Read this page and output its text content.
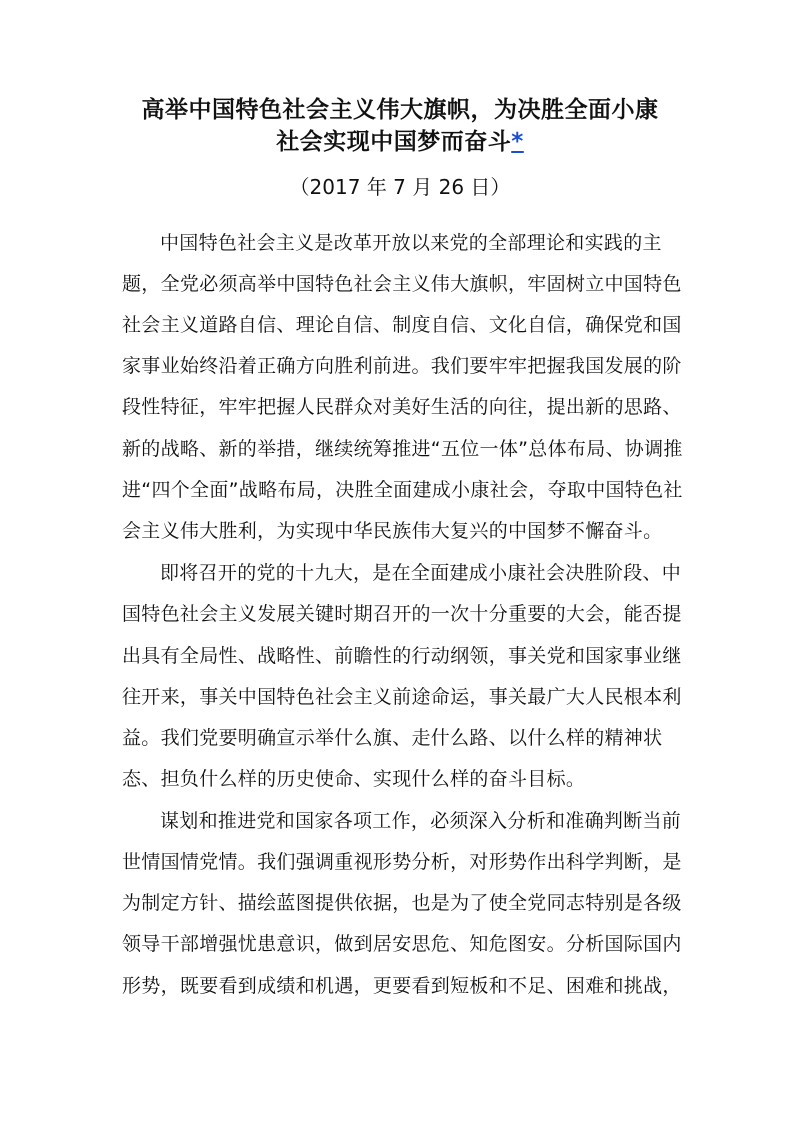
高举中国特色社会主义伟大旗帜，为决胜全面小康
社会实现中国梦而奋斗*
（2017 年 7 月 26 日）
中国特色社会主义是改革开放以来党的全部理论和实践的主
题，全党必须高举中国特色社会主义伟大旗帜，牢固树立中国特色
社会主义道路自信、理论自信、制度自信、文化自信，确保党和国
家事业始终沿着正确方向胜利前进。我们要牢牢把握我国发展的阶
段性特征，牢牢把握人民群众对美好生活的向往，提出新的思路、
新的战略、新的举措，继续统筹推进“五位一体”总体布局、协调推
进“四个全面”战略布局，决胜全面建成小康社会，夺取中国特色社
会主义伟大胜利，为实现中华民族伟大复兴的中国梦不懈奋斗。
即将召开的党的十九大，是在全面建成小康社会决胜阶段、中
国特色社会主义发展关键时期召开的一次十分重要的大会，能否提
出具有全局性、战略性、前瞻性的行动纲领，事关党和国家事业继
往开来，事关中国特色社会主义前途命运，事关最广大人民根本利
益。我们党要明确宣示举什么旗、走什么路、以什么样的精神状
态、担负什么样的历史使命、实现什么样的奋斗目标。
谋划和推进党和国家各项工作，必须深入分析和准确判断当前
世情国情党情。我们强调重视形势分析，对形势作出科学判断，是
为制定方针、描绘蓝图提供依据，也是为了使全党同志特别是各级
领导干部增强忧患意识，做到居安思危、知危图安。分析国际国内
形势，既要看到成绩和机遇，更要看到短板和不足、困难和挑战，
